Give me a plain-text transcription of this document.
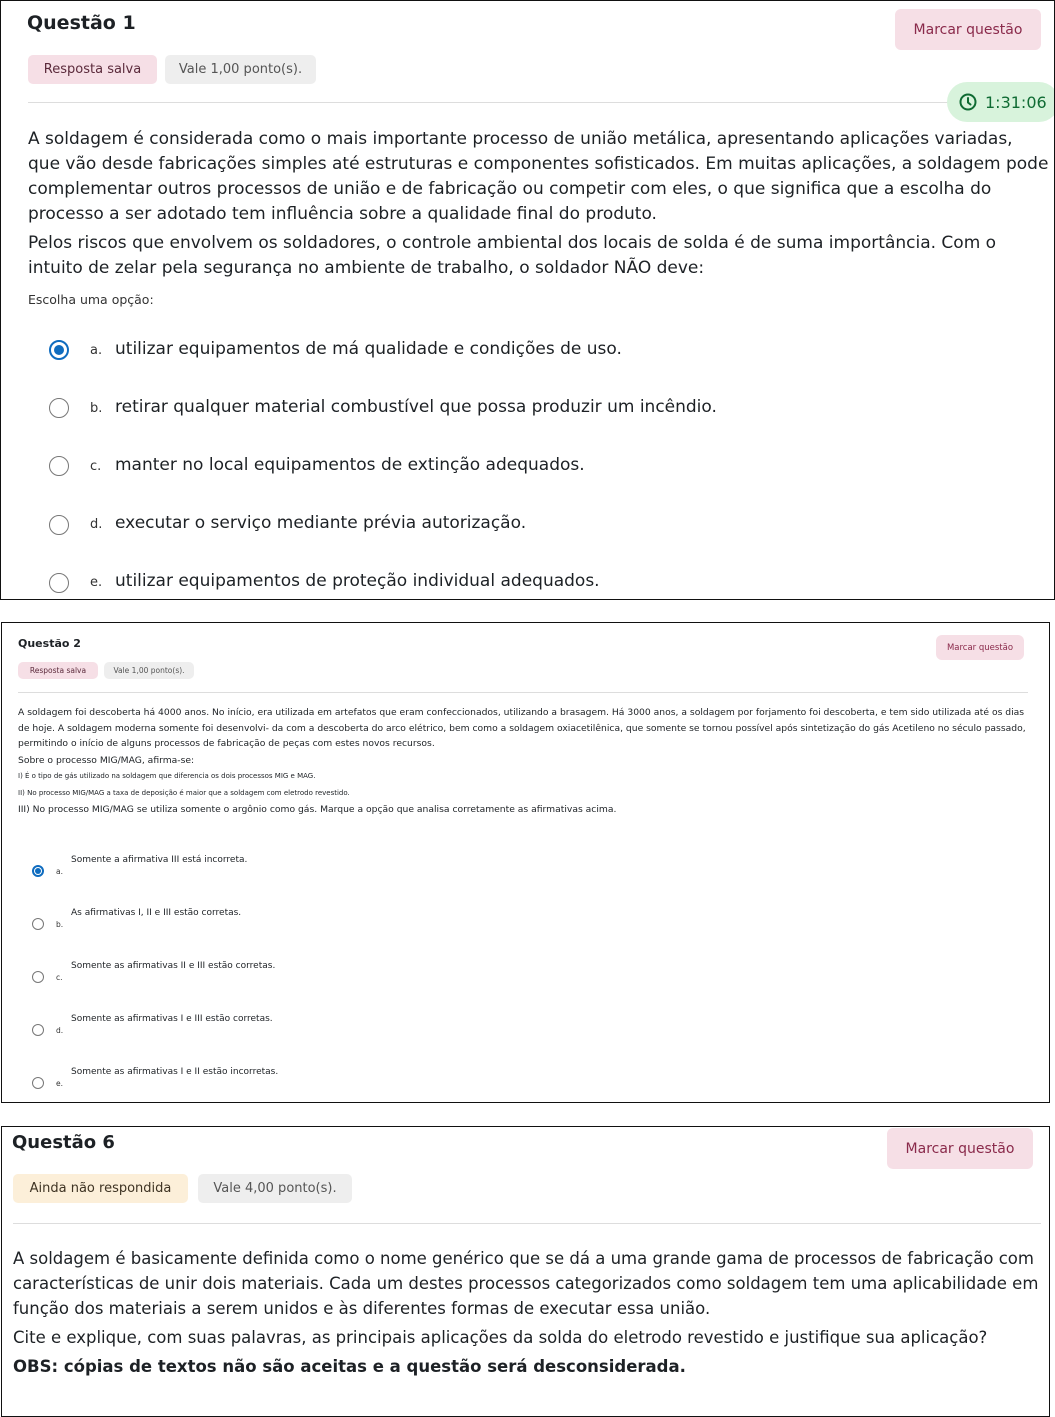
Questão 1	Marcar questão
Resposta salva	Vale 1,00 ponto(s).
1:31:06

A soldagem é considerada como o mais importante processo de união metálica, apresentando aplicações variadas, que vão desde fabricações simples até estruturas e componentes sofisticados. Em muitas aplicações, a soldagem pode complementar outros processos de união e de fabricação ou competir com eles, o que significa que a escolha do processo a ser adotado tem influência sobre a qualidade final do produto.

Pelos riscos que envolvem os soldadores, o controle ambiental dos locais de solda é de suma importância. Com o intuito de zelar pela segurança no ambiente de trabalho, o soldador NÃO deve:

Escolha uma opção:
a. utilizar equipamentos de má qualidade e condições de uso.
b. retirar qualquer material combustível que possa produzir um incêndio.
c. manter no local equipamentos de extinção adequados.
d. executar o serviço mediante prévia autorização.
e. utilizar equipamentos de proteção individual adequados.
Questão 2	Marcar questão
Resposta salva	Vale 1,00 ponto(s).

A soldagem foi descoberta há 4000 anos. No início, era utilizada em artefatos que eram confeccionados, utilizando a brasagem. Há 3000 anos, a soldagem por forjamento foi descoberta, e tem sido utilizada até os dias de hoje. A soldagem moderna somente foi desenvolvi- da com a descoberta do arco elétrico, bem como a soldagem oxiacetilênica, que somente se tornou possível após sintetização do gás Acetileno no século passado, permitindo o início de alguns processos de fabricação de peças com estes novos recursos.

Sobre o processo MIG/MAG, afirma-se:

I) É o tipo de gás utilizado na soldagem que diferencia os dois processos MIG e MAG.

II) No processo MIG/MAG a taxa de deposição é maior que a soldagem com eletrodo revestido.

III) No processo MIG/MAG se utiliza somente o argônio como gás. Marque a opção que analisa corretamente as afirmativas acima.

a.
Somente a afirmativa III está incorreta.
b.
As afirmativas I, II e III estão corretas.
c.
Somente as afirmativas II e III estão corretas.
d.
Somente as afirmativas I e III estão corretas.
e.
Somente as afirmativas I e II estão incorretas.
Questão 6	Marcar questão
Ainda não respondida	Vale 4,00 ponto(s).

A soldagem é basicamente definida como o nome genérico que se dá a uma grande gama de processos de fabricação com características de unir dois materiais. Cada um destes processos categorizados como soldagem tem uma aplicabilidade em função dos materiais a serem unidos e às diferentes formas de executar essa união.

Cite e explique, com suas palavras, as principais aplicações da solda do eletrodo revestido e justifique sua aplicação?

OBS: cópias de textos não são aceitas e a questão será desconsiderada.
